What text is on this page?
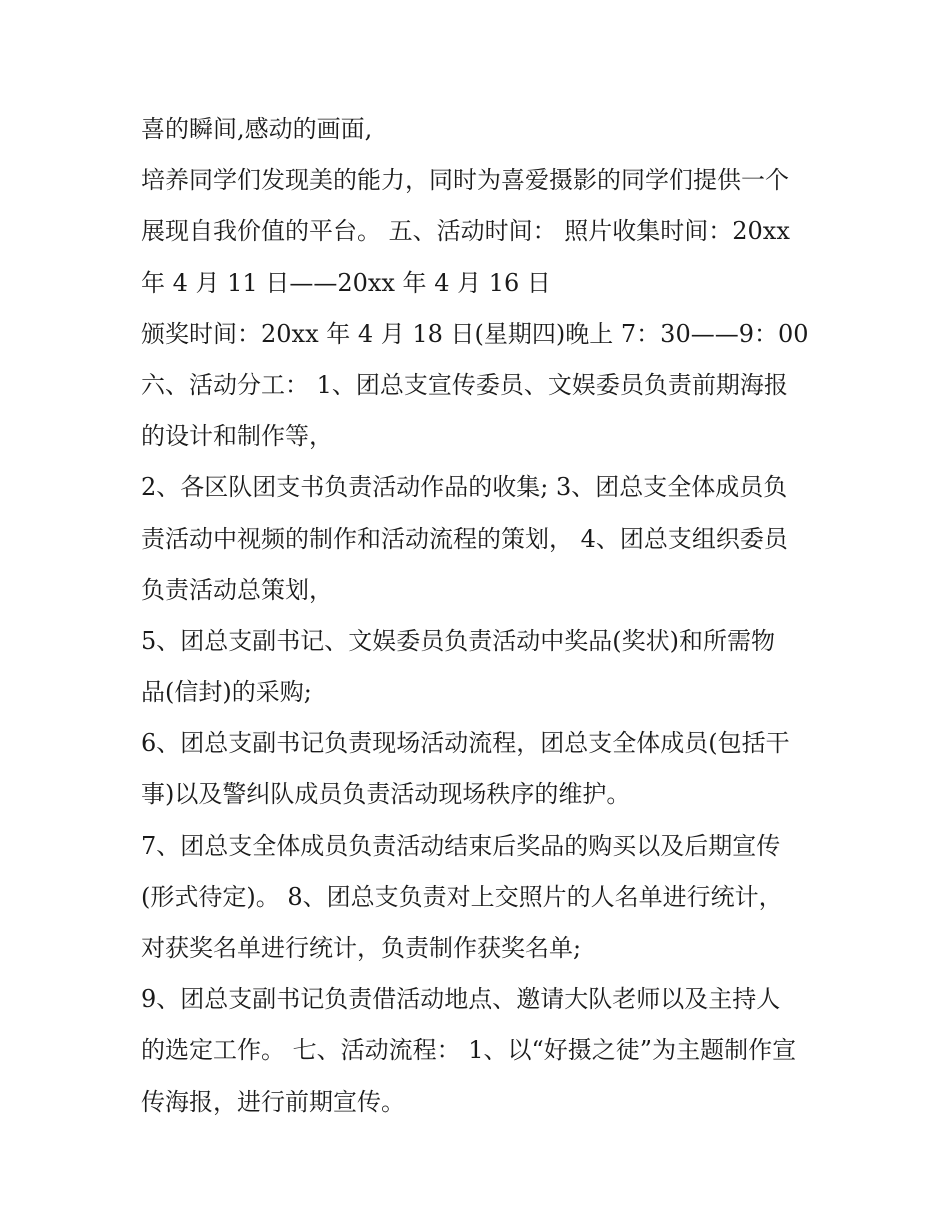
喜的瞬间,感动的画面,
培养同学们发现美的能力，同时为喜爱摄影的同学们提供一个
展现自我价值的平台。 五、活动时间： 照片收集时间：20xx
年 4 月 11 日——20xx 年 4 月 16 日
颁奖时间：20xx 年 4 月 18 日(星期四)晚上 7：30——9：00
六、活动分工： 1、团总支宣传委员、文娱委员负责前期海报
的设计和制作等，
2、各区队团支书负责活动作品的收集; 3、团总支全体成员负
责活动中视频的制作和活动流程的策划， 4、团总支组织委员
负责活动总策划，
5、团总支副书记、文娱委员负责活动中奖品(奖状)和所需物
品(信封)的采购;
6、团总支副书记负责现场活动流程，团总支全体成员(包括干
事)以及警纠队成员负责活动现场秩序的维护。
7、团总支全体成员负责活动结束后奖品的购买以及后期宣传
(形式待定)。 8、团总支负责对上交照片的人名单进行统计，
对获奖名单进行统计，负责制作获奖名单;
9、团总支副书记负责借活动地点、邀请大队老师以及主持人
的选定工作。 七、活动流程： 1、以“好摄之徒”为主题制作宣
传海报，进行前期宣传。
